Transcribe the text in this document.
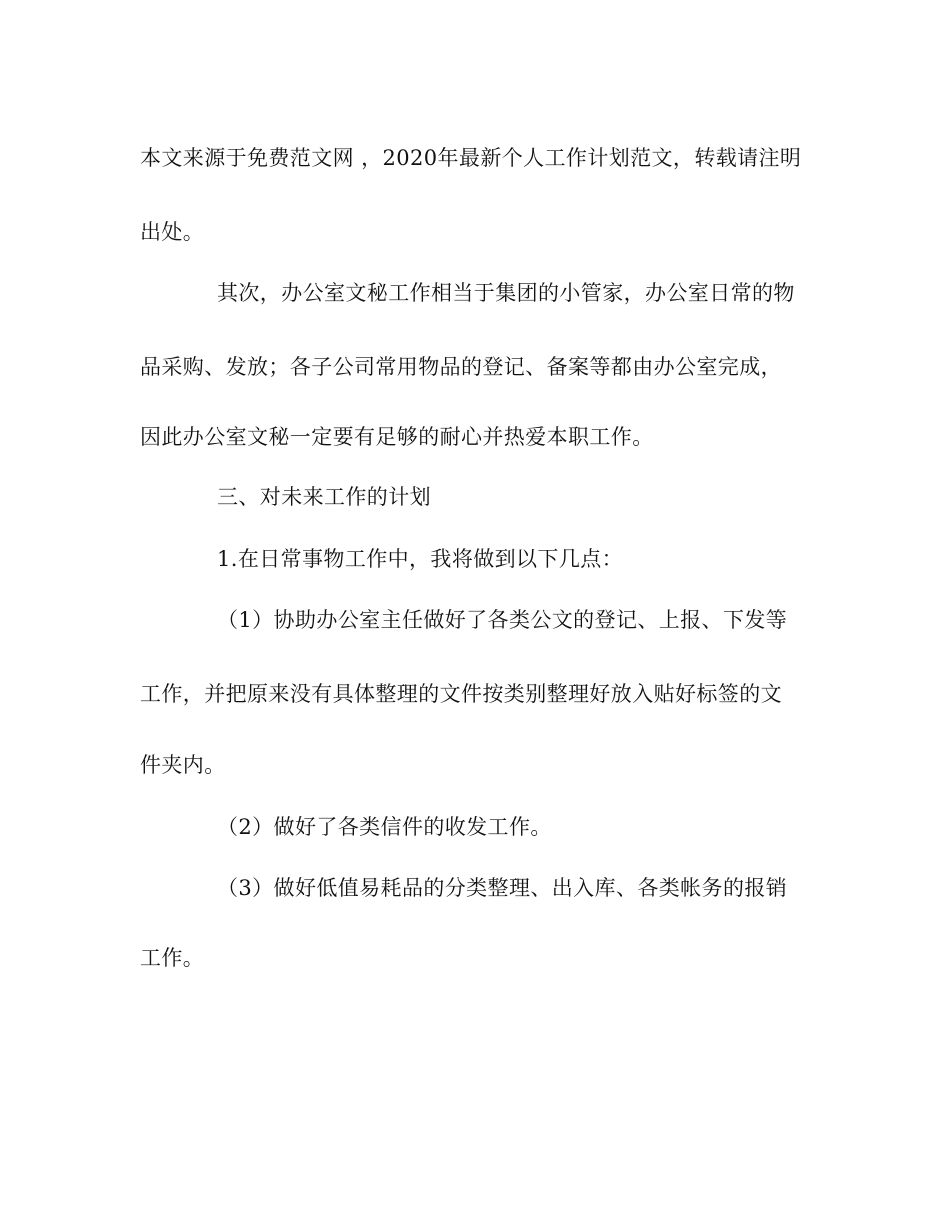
本文来源于免费范文网 ，2020年最新个人工作计划范文，转载请注明
出处。
其次，办公室文秘工作相当于集团的小管家，办公室日常的物
品采购、发放；各子公司常用物品的登记、备案等都由办公室完成，
因此办公室文秘一定要有足够的耐心并热爱本职工作。
三、对未来工作的计划
1.在日常事物工作中，我将做到以下几点：
（1）协助办公室主任做好了各类公文的登记、上报、下发等
工作，并把原来没有具体整理的文件按类别整理好放入贴好标签的文
件夹内。
（2）做好了各类信件的收发工作。
（3）做好低值易耗品的分类整理、出入库、各类帐务的报销
工作。
